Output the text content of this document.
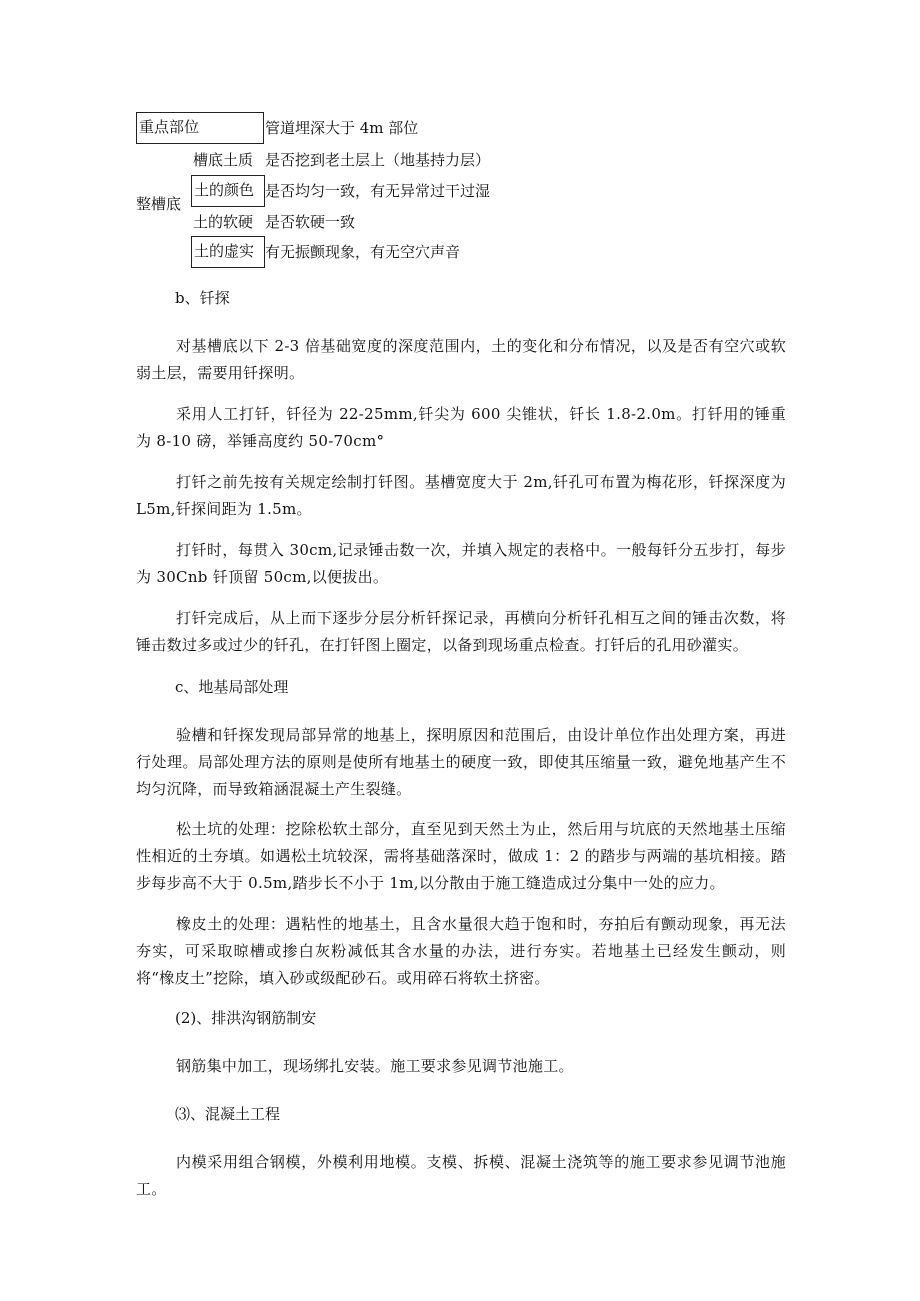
重点部位	管道埋深大于 4m 部位
整槽底
槽底土质 是否挖到老土层上（地基持力层）
土的颜色 是否均匀一致，有无异常过干过湿
土的软硬 是否软硬一致
土的虚实 有无振颤现象，有无空穴声音
b、钎探
对基槽底以下 2-3 倍基础宽度的深度范围内，土的变化和分布情况，以及是否有空穴或软弱土层，需要用钎探明。
采用人工打钎，钎径为 22-25mm,钎尖为 600 尖锥状，钎长 1.8-2.0m。打钎用的锤重为 8-10 磅，举锤高度约 50-70cm°
打钎之前先按有关规定绘制打钎图。基槽宽度大于 2m,钎孔可布置为梅花形，钎探深度为 L5m,钎探间距为 1.5m。
打钎时，每贯入 30cm,记录锤击数一次，并填入规定的表格中。一般每钎分五步打，每步为 30Cnb 钎顶留 50cm,以便拔出。
打钎完成后，从上而下逐步分层分析钎探记录，再横向分析钎孔相互之间的锤击次数，将锤击数过多或过少的钎孔，在打钎图上圈定，以备到现场重点检查。打钎后的孔用砂灌实。
c、地基局部处理
验槽和钎探发现局部异常的地基上，探明原因和范围后，由设计单位作出处理方案，再进行处理。局部处理方法的原则是使所有地基土的硬度一致，即使其压缩量一致，避免地基产生不均匀沉降，而导致箱涵混凝土产生裂缝。
松土坑的处理：挖除松软土部分，直至见到天然土为止，然后用与坑底的天然地基土压缩性相近的土夯填。如遇松土坑较深，需将基础落深时，做成 1：2 的踏步与两端的基坑相接。踏步每步高不大于 0.5m,踏步长不小于 1m,以分散由于施工缝造成过分集中一处的应力。
橡皮土的处理：遇粘性的地基土，且含水量很大趋于饱和时，夯拍后有颤动现象，再无法夯实，可采取晾槽或掺白灰粉减低其含水量的办法，进行夯实。若地基土已经发生颤动，则将“橡皮土”挖除，填入砂或级配砂石。或用碎石将软土挤密。
(2)、排洪沟钢筋制安
钢筋集中加工，现场绑扎安装。施工要求参见调节池施工。
⑶、混凝土工程
内模采用组合钢模，外模利用地模。支模、拆模、混凝土浇筑等的施工要求参见调节池施工。
